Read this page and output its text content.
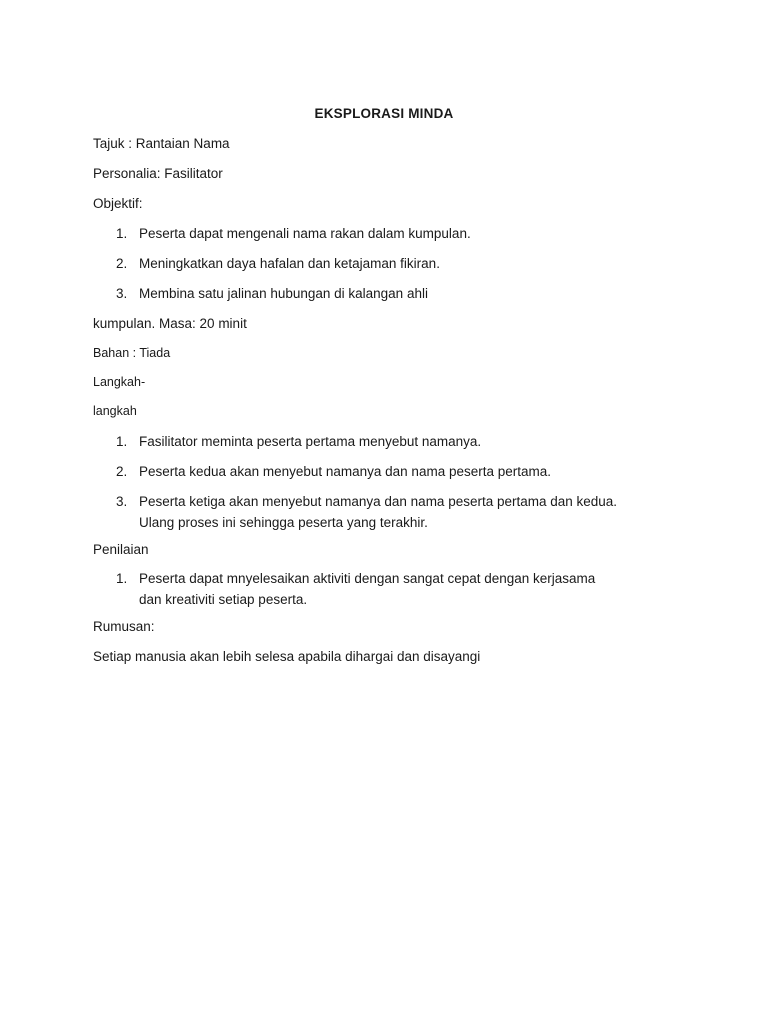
EKSPLORASI MINDA
Tajuk : Rantaian Nama
Personalia: Fasilitator
Objektif:
1. Peserta dapat mengenali nama rakan dalam kumpulan.
2. Meningkatkan daya hafalan dan ketajaman fikiran.
3. Membina satu jalinan hubungan di kalangan ahli
kumpulan. Masa: 20 minit
Bahan : Tiada
Langkah-
langkah
1. Fasilitator meminta peserta pertama menyebut namanya.
2. Peserta kedua akan menyebut namanya dan nama peserta pertama.
3. Peserta ketiga akan menyebut namanya dan nama peserta pertama dan kedua.
Ulang proses ini sehingga peserta yang terakhir.
Penilaian
1. Peserta dapat mnyelesaikan aktiviti dengan sangat cepat dengan kerjasama
dan kreativiti setiap peserta.
Rumusan:
Setiap manusia akan lebih selesa apabila dihargai dan disayangi
